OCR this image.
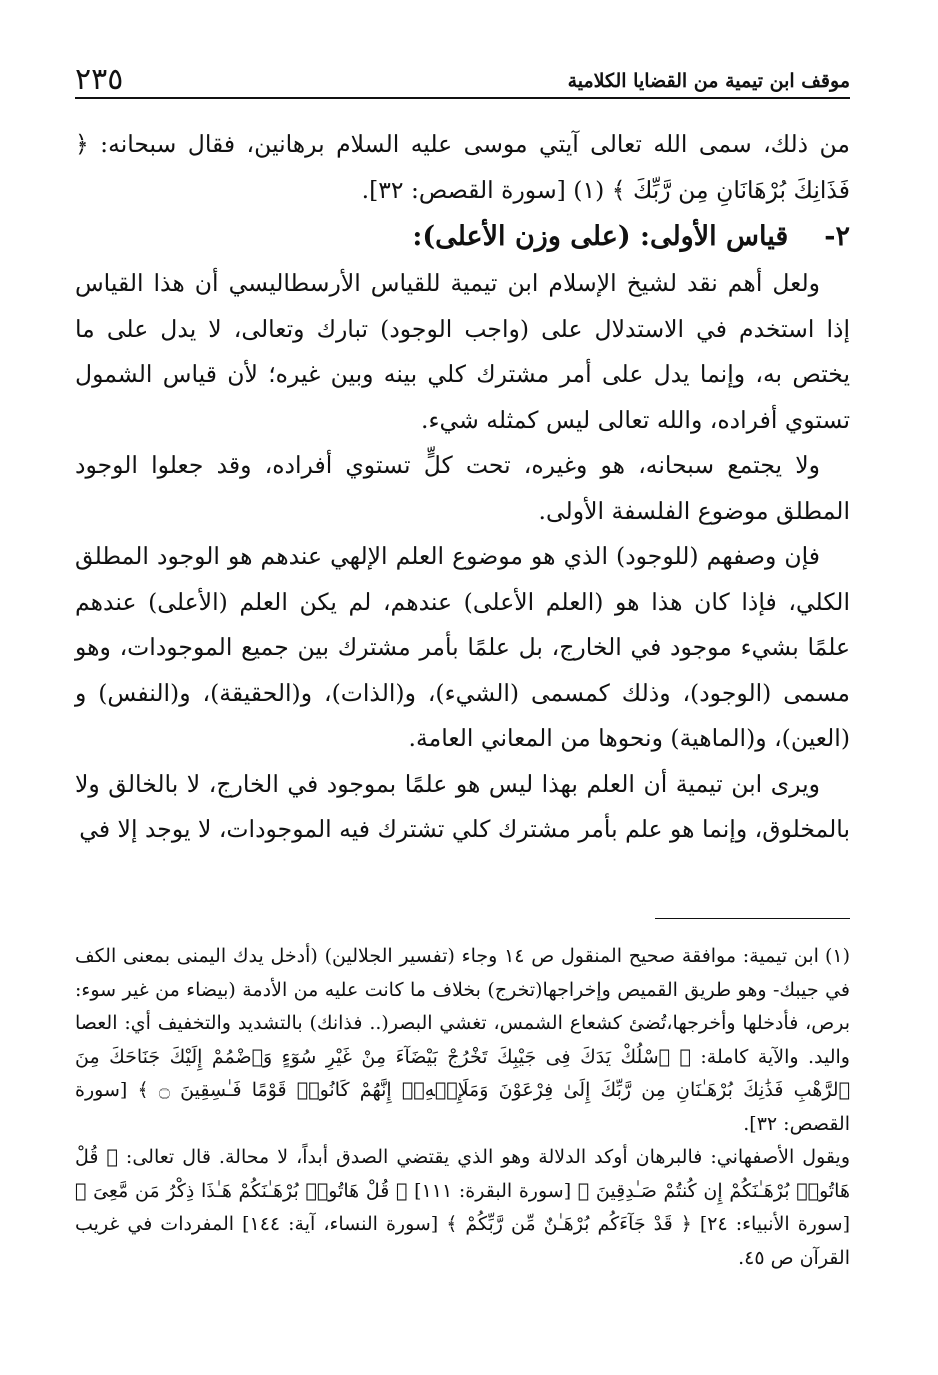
موقف ابن تيمية من القضايا الكلامية
٢٣٥

من ذلك، سمى الله تعالى آيتي موسى عليه السلام برهانين، فقال سبحانه: ﴿ فَذَانِكَ بُرْهَانَانِ مِن رَّبِّكَ ﴾ (١) [سورة القصص: ٣٢].

٢-قياس الأولى: (على وزن الأعلى):

ولعل أهم نقد لشيخ الإسلام ابن تيمية للقياس الأرسطاليسي أن هذا القياس إذا استخدم في الاستدلال على (واجب الوجود) تبارك وتعالى، لا يدل على ما يختص به، وإنما يدل على أمر مشترك كلي بينه وبين غيره؛ لأن قياس الشمول تستوي أفراده، والله تعالى ليس كمثله شيء.

ولا يجتمع سبحانه، هو وغيره، تحت كلٍّ تستوي أفراده، وقد جعلوا الوجود المطلق موضوع الفلسفة الأولى.

فإن وصفهم (للوجود) الذي هو موضوع العلم الإلهي عندهم هو الوجود المطلق الكلي، فإذا كان هذا هو (العلم الأعلى) عندهم، لم يكن العلم (الأعلى) عندهم علمًا بشيء موجود في الخارج، بل علمًا بأمر مشترك بين جميع الموجودات، وهو مسمى (الوجود)، وذلك كمسمى (الشيء)، و(الذات)، و(الحقيقة)، و(النفس) و (العين)، و(الماهية) ونحوها من المعاني العامة.

ويرى ابن تيمية أن العلم بهذا ليس هو علمًا بموجود في الخارج، لا بالخالق ولا بالمخلوق، وإنما هو علم بأمر مشترك كلي تشترك فيه الموجودات، لا يوجد إلا في

(١)ابن تيمية: موافقة صحيح المنقول ص ١٤ وجاء (تفسير الجلالين) (أدخل يدك اليمنى بمعنى الكف في جيبك- وهو طريق القميص وإخراجها(تخرج) بخلاف ما كانت عليه من الأدمة (بيضاء من غير سوء: برص، فأدخلها وأخرجها،تُضئ كشعاع الشمس، تغشي البصر(.. فذانك) بالتشديد والتخفيف أي: العصا واليد. والآية كاملة: ﴿ ٱسْلُكْ يَدَكَ فِى جَيْبِكَ تَخْرُجْ بَيْضَآءَ مِنْ غَيْرِ سُوٓءٍ وَٱضْمُمْ إِلَيْكَ جَنَاحَكَ مِنَ ٱلرَّهْبِ فَذَٰنِكَ بُرْهَـٰنَانِ مِن رَّبِّكَ إِلَىٰ فِرْعَوْنَ وَمَلَإِي۟هِۦٓ إِنَّهُمْ كَانُوا۟ قَوْمًا فَـٰسِقِينَ ۝ ﴾ [سورة القصص: ٣٢].

ويقول الأصفهاني: فالبرهان أوكد الدلالة وهو الذي يقتضي الصدق أبداً، لا محالة. قال تعالى: ﴿ قُلْ هَاتُوا۟ بُرْهَـٰنَكُمْ إِن كُنتُمْ صَـٰدِقِينَ ﴾ [سورة البقرة: ١١١] ﴿ قُلْ هَاتُوا۟ بُرْهَـٰنَكُمْ هَـٰذَا ذِكْرُ مَن مَّعِىَ ﴾ [سورة الأنبياء: ٢٤] ﴿ قَدْ جَآءَكُم بُرْهَـٰنٌ مِّن رَّبِّكُمْ ﴾ [سورة النساء، آية: ١٤٤] المفردات في غريب القرآن ص ٤٥.
